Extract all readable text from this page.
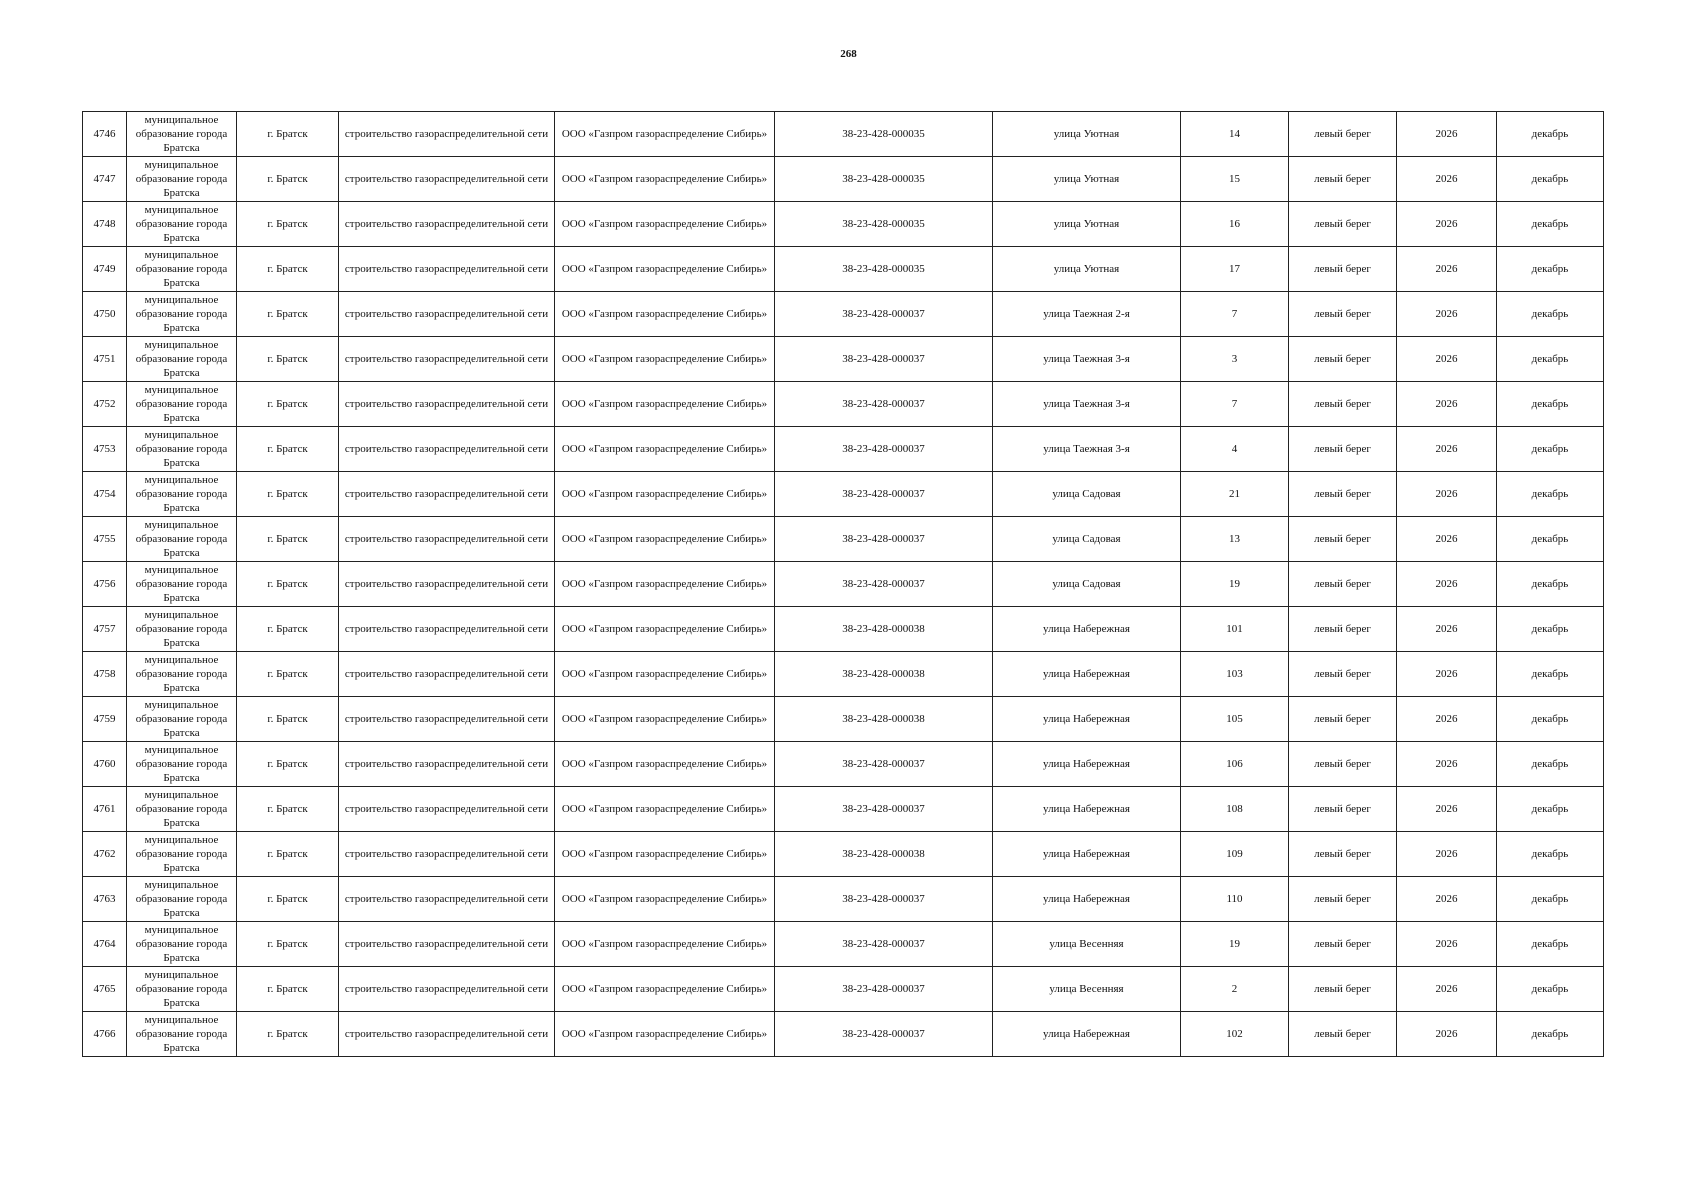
268
4746	муниципальное образование города Братска	г. Братск	строительство газораспределительной сети	ООО «Газпром газораспределение Сибирь»	38-23-428-000035	улица Уютная	14	левый берег	2026	декабрь
4747	муниципальное образование города Братска	г. Братск	строительство газораспределительной сети	ООО «Газпром газораспределение Сибирь»	38-23-428-000035	улица Уютная	15	левый берег	2026	декабрь
4748	муниципальное образование города Братска	г. Братск	строительство газораспределительной сети	ООО «Газпром газораспределение Сибирь»	38-23-428-000035	улица Уютная	16	левый берег	2026	декабрь
4749	муниципальное образование города Братска	г. Братск	строительство газораспределительной сети	ООО «Газпром газораспределение Сибирь»	38-23-428-000035	улица Уютная	17	левый берег	2026	декабрь
4750	муниципальное образование города Братска	г. Братск	строительство газораспределительной сети	ООО «Газпром газораспределение Сибирь»	38-23-428-000037	улица Таежная 2-я	7	левый берег	2026	декабрь
4751	муниципальное образование города Братска	г. Братск	строительство газораспределительной сети	ООО «Газпром газораспределение Сибирь»	38-23-428-000037	улица Таежная 3-я	3	левый берег	2026	декабрь
4752	муниципальное образование города Братска	г. Братск	строительство газораспределительной сети	ООО «Газпром газораспределение Сибирь»	38-23-428-000037	улица Таежная 3-я	7	левый берег	2026	декабрь
4753	муниципальное образование города Братска	г. Братск	строительство газораспределительной сети	ООО «Газпром газораспределение Сибирь»	38-23-428-000037	улица Таежная 3-я	4	левый берег	2026	декабрь
4754	муниципальное образование города Братска	г. Братск	строительство газораспределительной сети	ООО «Газпром газораспределение Сибирь»	38-23-428-000037	улица Садовая	21	левый берег	2026	декабрь
4755	муниципальное образование города Братска	г. Братск	строительство газораспределительной сети	ООО «Газпром газораспределение Сибирь»	38-23-428-000037	улица Садовая	13	левый берег	2026	декабрь
4756	муниципальное образование города Братска	г. Братск	строительство газораспределительной сети	ООО «Газпром газораспределение Сибирь»	38-23-428-000037	улица Садовая	19	левый берег	2026	декабрь
4757	муниципальное образование города Братска	г. Братск	строительство газораспределительной сети	ООО «Газпром газораспределение Сибирь»	38-23-428-000038	улица Набережная	101	левый берег	2026	декабрь
4758	муниципальное образование города Братска	г. Братск	строительство газораспределительной сети	ООО «Газпром газораспределение Сибирь»	38-23-428-000038	улица Набережная	103	левый берег	2026	декабрь
4759	муниципальное образование города Братска	г. Братск	строительство газораспределительной сети	ООО «Газпром газораспределение Сибирь»	38-23-428-000038	улица Набережная	105	левый берег	2026	декабрь
4760	муниципальное образование города Братска	г. Братск	строительство газораспределительной сети	ООО «Газпром газораспределение Сибирь»	38-23-428-000037	улица Набережная	106	левый берег	2026	декабрь
4761	муниципальное образование города Братска	г. Братск	строительство газораспределительной сети	ООО «Газпром газораспределение Сибирь»	38-23-428-000037	улица Набережная	108	левый берег	2026	декабрь
4762	муниципальное образование города Братска	г. Братск	строительство газораспределительной сети	ООО «Газпром газораспределение Сибирь»	38-23-428-000038	улица Набережная	109	левый берег	2026	декабрь
4763	муниципальное образование города Братска	г. Братск	строительство газораспределительной сети	ООО «Газпром газораспределение Сибирь»	38-23-428-000037	улица Набережная	110	левый берег	2026	декабрь
4764	муниципальное образование города Братска	г. Братск	строительство газораспределительной сети	ООО «Газпром газораспределение Сибирь»	38-23-428-000037	улица Весенняя	19	левый берег	2026	декабрь
4765	муниципальное образование города Братска	г. Братск	строительство газораспределительной сети	ООО «Газпром газораспределение Сибирь»	38-23-428-000037	улица Весенняя	2	левый берег	2026	декабрь
4766	муниципальное образование города Братска	г. Братск	строительство газораспределительной сети	ООО «Газпром газораспределение Сибирь»	38-23-428-000037	улица Набережная	102	левый берег	2026	декабрь
